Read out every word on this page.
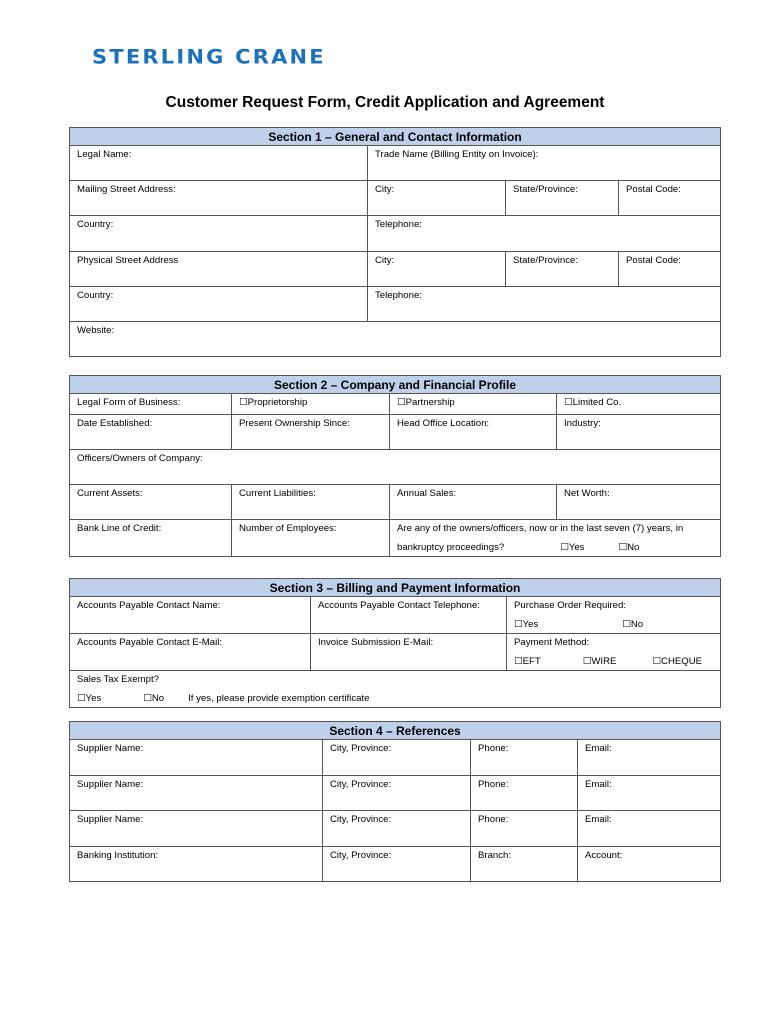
STERLING CRANE
Customer Request Form, Credit Application and Agreement
Section 1 – General and Contact Information			
Legal Name:	Trade Name (Billing Entity on Invoice):		
Mailing Street Address:	City:	State/Province:	Postal Code:
Country:	Telephone:		
Physical Street Address	City:	State/Province:	Postal Code:
Country:	Telephone:		
Website:			
Section 2 – Company and Financial Profile			
Legal Form of Business:	☐Proprietorship	☐Partnership	☐Limited Co.
Date Established:	Present Ownership Since:	Head Office Location:	Industry:
Officers/Owners of Company:			
Current Assets:	Current Liabilities:	Annual Sales:	Net Worth:
Bank Line of Credit:	Number of Employees:	Are any of the owners/officers, now or in the last seven (7) years, in
bankruptcy proceedings? ☐Yes ☐No	
Section 3 – Billing and Payment Information		
Accounts Payable Contact Name:	Accounts Payable Contact Telephone:	Purchase Order Required:
☐Yes ☐No

Accounts Payable Contact E-Mail:	Invoice Submission E-Mail:	Payment Method:
☐EFT ☐WIRE ☐CHEQUE

Sales Tax Exempt?
☐Yes ☐No If yes, please provide exemption certificate		
Section 4 – References			
Supplier Name:	City, Province:	Phone:	Email:
Supplier Name:	City, Province:	Phone:	Email:
Supplier Name:	City, Province:	Phone:	Email:
Banking Institution:	City, Province:	Branch:	Account:
